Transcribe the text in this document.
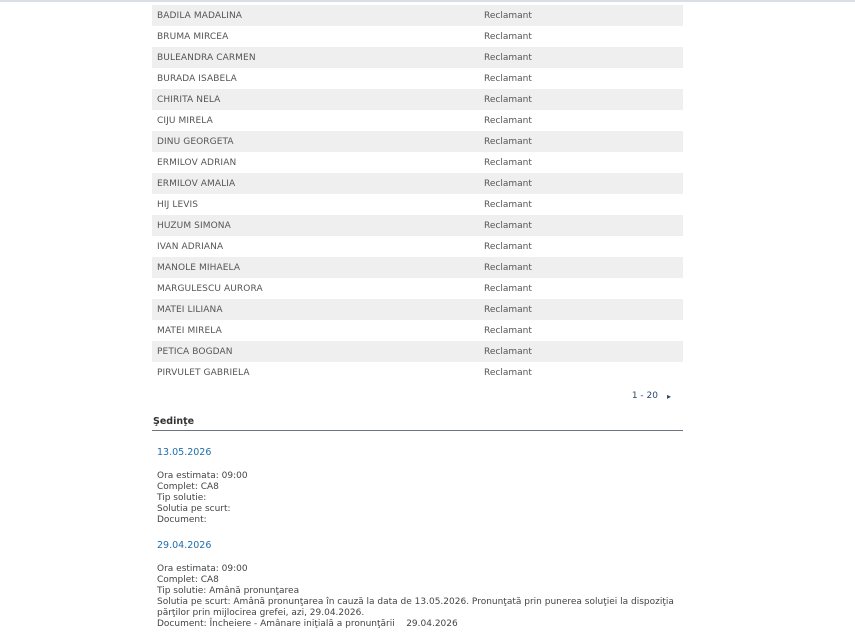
BADILA MADALINA	Reclamant
BRUMA MIRCEA	Reclamant
BULEANDRA CARMEN	Reclamant
BURADA ISABELA	Reclamant
CHIRITA NELA	Reclamant
CIJU MIRELA	Reclamant
DINU GEORGETA	Reclamant
ERMILOV ADRIAN	Reclamant
ERMILOV AMALIA	Reclamant
HIJ LEVIS	Reclamant
HUZUM SIMONA	Reclamant
IVAN ADRIANA	Reclamant
MANOLE MIHAELA	Reclamant
MARGULESCU AURORA	Reclamant
MATEI LILIANA	Reclamant
MATEI MIRELA	Reclamant
PETICA BOGDAN	Reclamant
PIRVULET GABRIELA	Reclamant
1 - 20 ▸
Şedinţe
13.05.2026
Ora estimata: 09:00
Complet: CA8
Tip solutie:
Solutia pe scurt:
Document:
29.04.2026
Ora estimata: 09:00
Complet: CA8
Tip solutie: Amână pronunţarea
Solutia pe scurt: Amână pronunţarea în cauză la data de 13.05.2026. Pronunţată prin punerea soluţiei la dispoziţia părţilor prin mijlocirea grefei, azi, 29.04.2026.
Document: Încheiere - Amânare iniţială a pronunţării    29.04.2026
